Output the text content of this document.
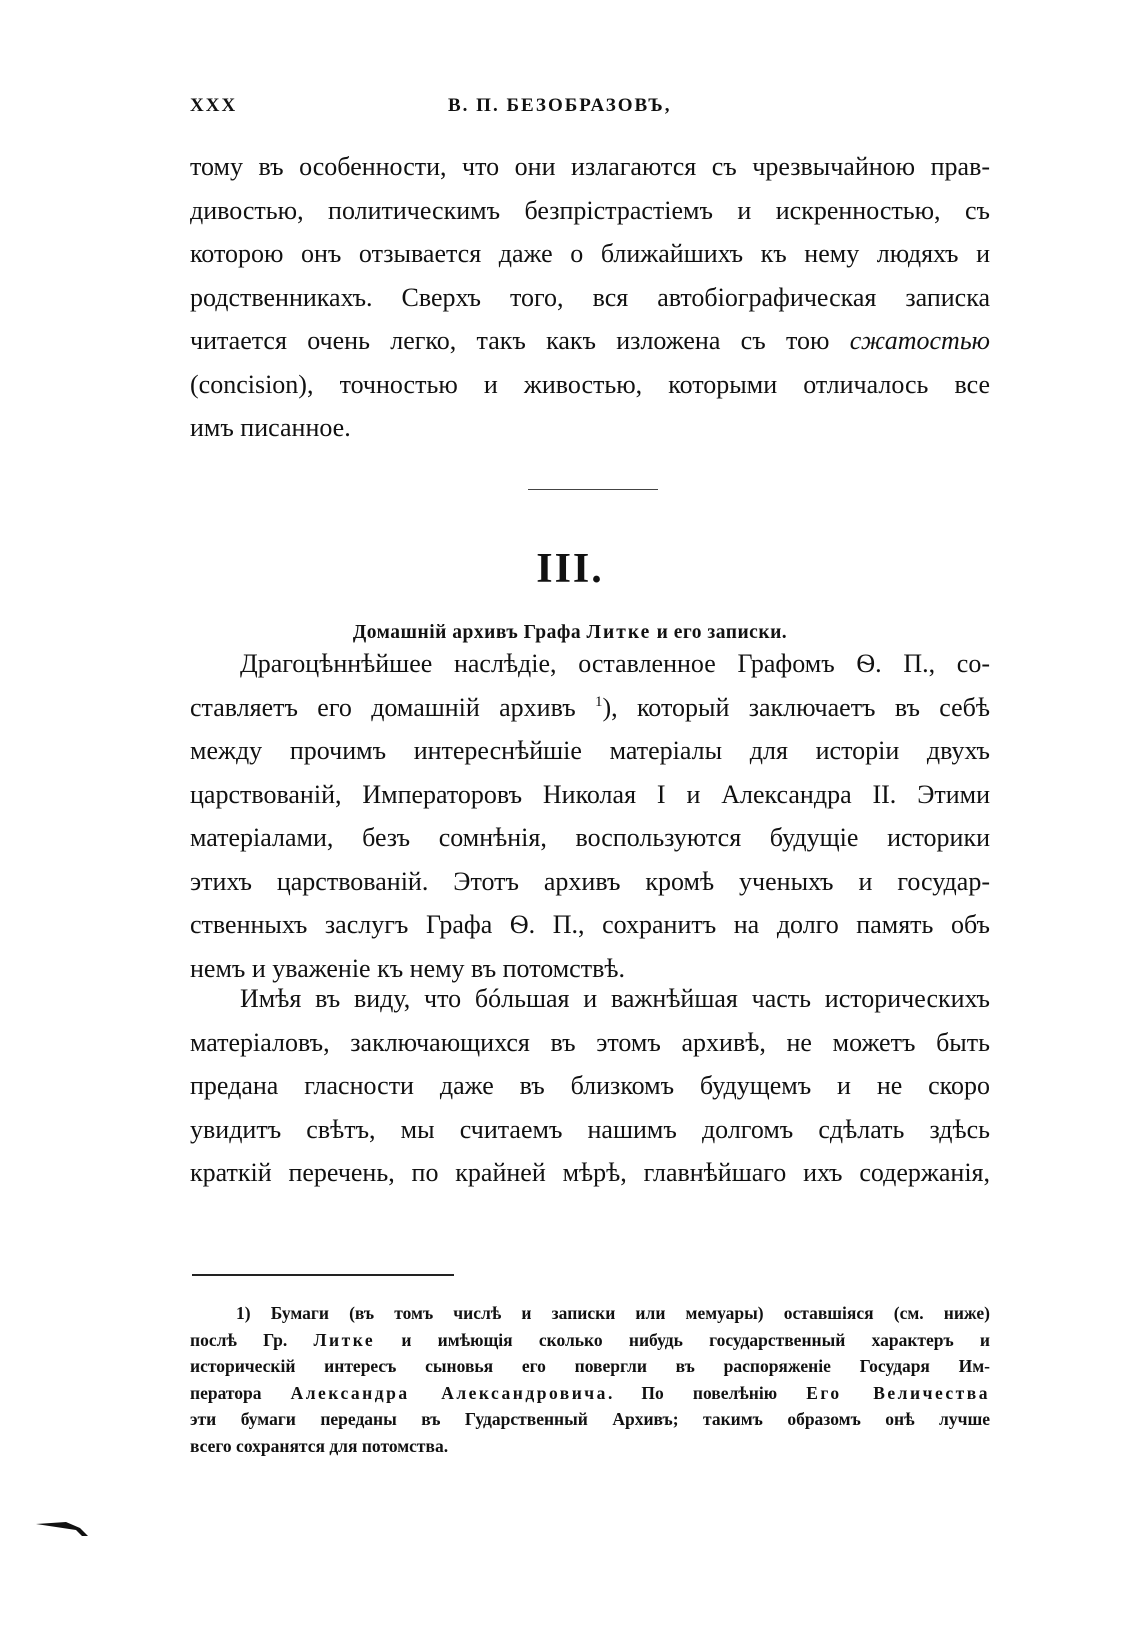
XXX	В. П. БЕЗОБРАЗОВЪ,
тому въ особенности, что они излагаются съ чрезвычайною прав-
дивостью, политическимъ безпрістрастіемъ и искренностью, съ
которою онъ отзывается даже о ближайшихъ къ нему людяхъ и
родственникахъ. Сверхъ того, вся автобіографическая записка
читается очень легко, такъ какъ изложена съ тою сжатостью
(concision), точностью и живостью, которыми отличалось все
имъ писанное.
III.
Домашній архивъ Графа Литке и его записки.
Драгоцѣннѣйшее наслѣдіе, оставленное Графомъ Ѳ. П., со-
ставляетъ его домашній архивъ $^1$), который заключаетъ въ себѣ
между прочимъ интереснѣйшіе матеріалы для исторіи двухъ
царствованій, Императоровъ Николая I и Александра II. Этими
матеріалами, безъ сомнѣнія, воспользуются будущіе историки
этихъ царствованій. Этотъ архивъ кромѣ ученыхъ и государ-
ственныхъ заслугъ Графа Ѳ. П., сохранитъ на долго память объ
немъ и уваженіе къ нему въ потомствѣ.
Имѣя въ виду, что бóльшая и важнѣйшая часть историческихъ
матеріаловъ, заключающихся въ этомъ архивѣ, не можетъ быть
предана гласности даже въ близкомъ будущемъ и не скоро
увидитъ свѣтъ, мы считаемъ нашимъ долгомъ сдѣлать здѣсь
краткій перечень, по крайней мѣрѣ, главнѣйшаго ихъ содержанія,
1) Бумаги (въ томъ числѣ и записки или мемуары) оставшіяся (см. ниже)
послѣ Гр. Литке и имѣющія сколько нибудь государственный характеръ и
историческій интересъ сыновья его повергли въ распоряженіе Государя Им-
ператора Александра Александровича. По повелѣнію Его Величества
эти бумаги переданы въ Гударственный Архивъ; такимъ образомъ онѣ лучше
всего сохранятся для потомства.
